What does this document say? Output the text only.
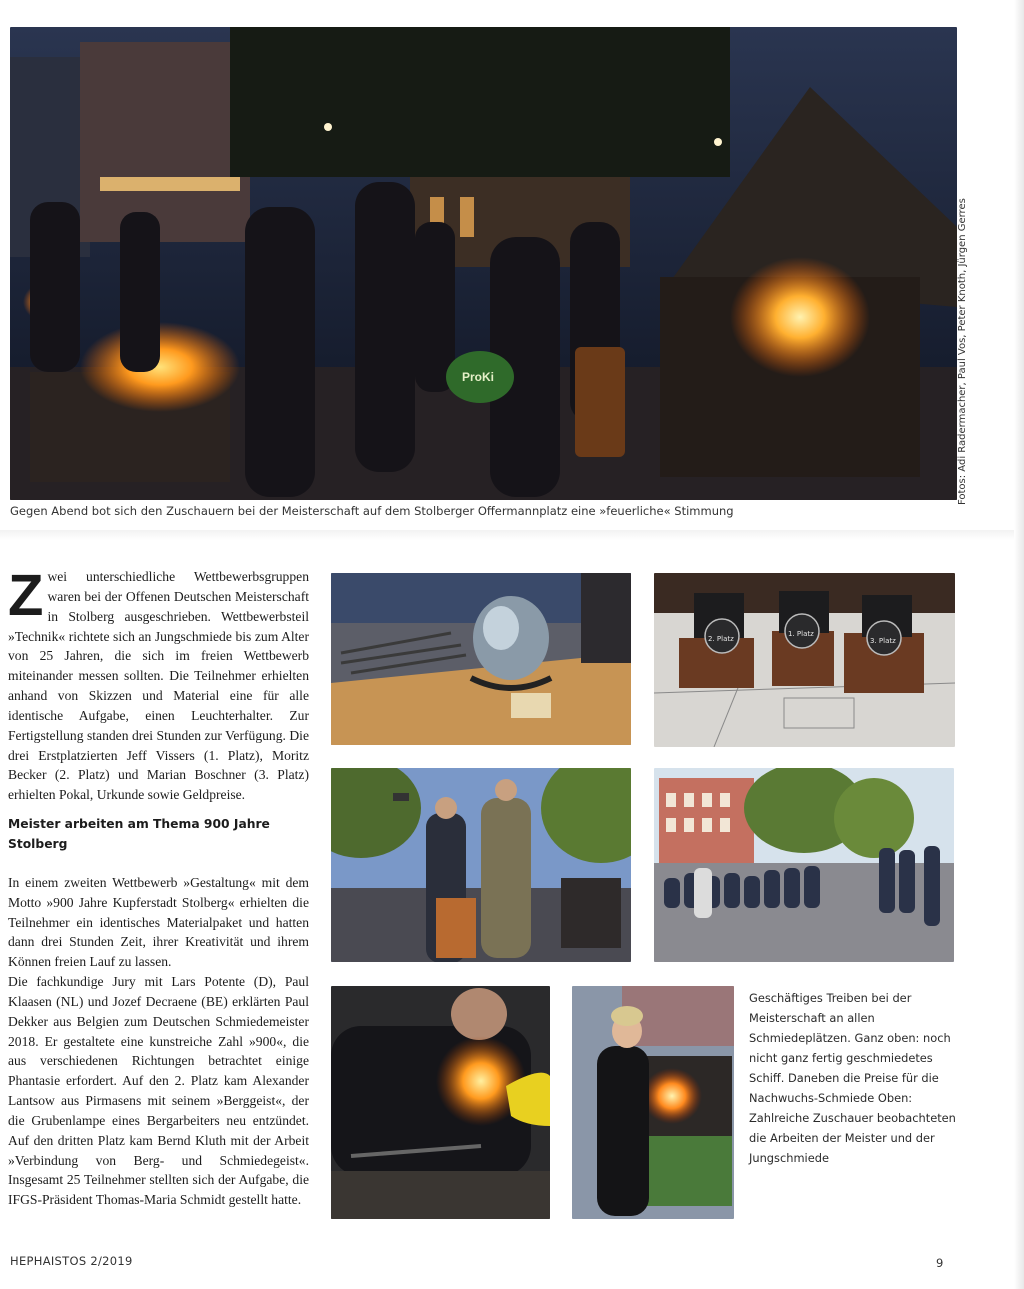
ProKi
Gegen Abend bot sich den Zuschauern bei der Meisterschaft auf dem Stolberger Offermannplatz eine »feuerliche« Stimmung
Fotos: Adi Radermacher, Paul Vos, Peter Knoth, Jürgen Gerres

Zwei unterschiedliche Wettbewerbsgruppen waren bei der Offenen Deutschen Meisterschaft in Stolberg ausgeschrieben. Wettbewerbsteil »Technik« richtete sich an Jungschmiede bis zum Alter von 25 Jahren, die sich im freien Wettbewerb miteinander messen sollten. Die Teilnehmer erhielten anhand von Skizzen und Material eine für alle identische Aufgabe, einen Leuchterhalter. Zur Fertigstellung standen drei Stunden zur Verfügung. Die drei Erstplatzierten Jeff Vissers (1. Platz), Moritz Becker (2. Platz) und Marian Boschner (3. Platz) erhielten Pokal, Urkunde sowie Geldpreise.

Meister arbeiten am Thema 900 Jahre Stolberg

In einem zweiten Wettbewerb »Gestaltung« mit dem Motto »900 Jahre Kupferstadt Stolberg« erhielten die Teilnehmer ein identisches Materialpaket und hatten dann drei Stunden Zeit, ihrer Kreativität und ihrem Können freien Lauf zu lassen.

Die fachkundige Jury mit Lars Potente (D), Paul Klaasen (NL) und Jozef Decraene (BE) erklärten Paul Dekker aus Belgien zum Deutschen Schmiedemeister 2018. Er gestaltete eine kunstreiche Zahl »900«, die aus verschiedenen Richtungen betrachtet einige Phantasie erfordert. Auf den 2. Platz kam Alexander Lantsow aus Pirmasens mit seinem »Berggeist«, der die Grubenlampe eines Bergarbeiters neu entzündet. Auf den dritten Platz kam Bernd Kluth mit der Arbeit »Verbindung von Berg- und Schmiedegeist«. Insgesamt 25 Teilnehmer stellten sich der Aufgabe, die IFGS-Präsident Thomas-Maria Schmidt gestellt hatte.

2. Platz
1. Platz
3. Platz
Geschäftiges Treiben bei der Meisterschaft an allen Schmiedeplätzen. Ganz oben: noch nicht ganz fertig geschmiedetes Schiff. Daneben die Preise für die Nachwuchs-Schmiede Oben: Zahlreiche Zuschauer beobachteten die Arbeiten der Meister und der Jungschmiede
HEPHAISTOS 2/2019	9
